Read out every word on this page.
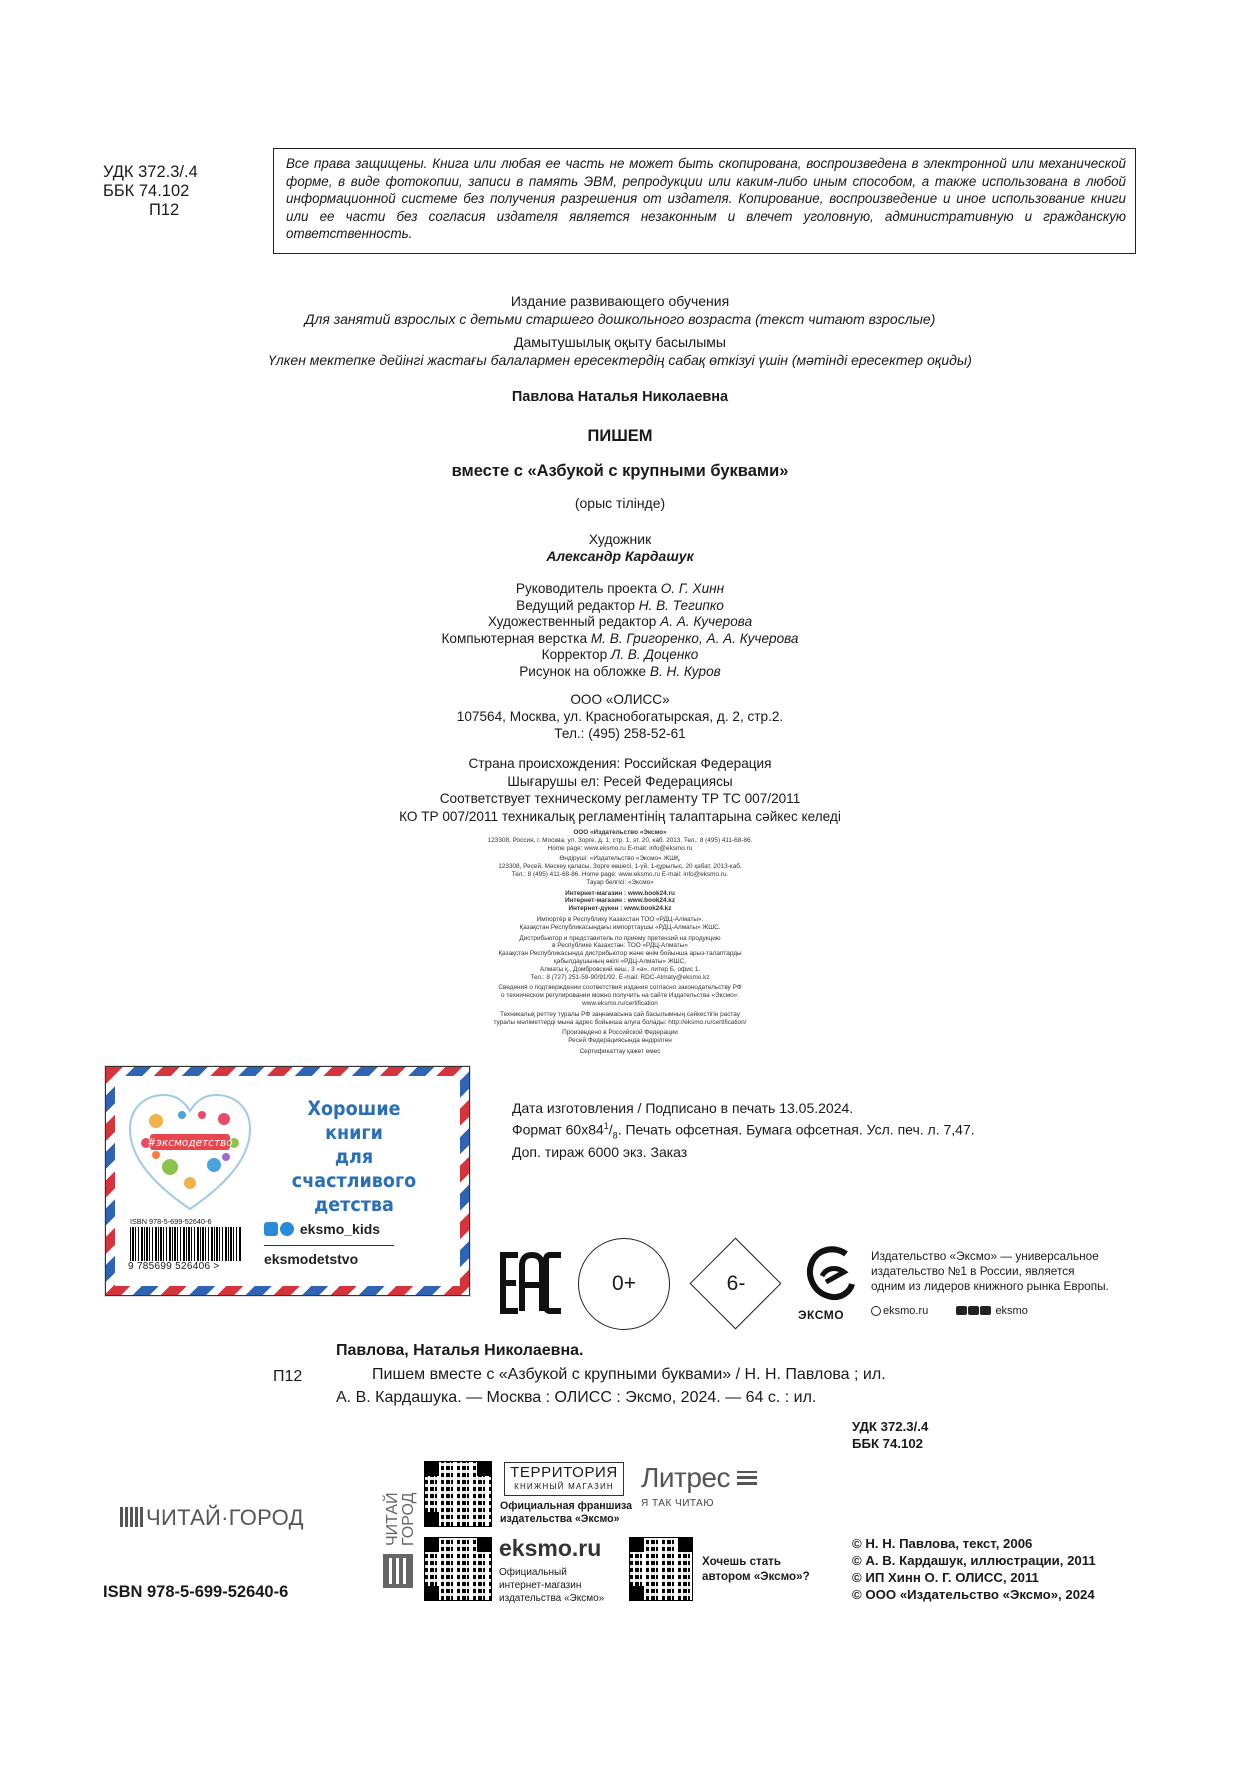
УДК 372.3/.4
ББК 74.102
П12
Все права защищены. Книга или любая ее часть не может быть скопирована, воспроизведена в электронной или механической форме, в виде фотокопии, записи в память ЭВМ, репродукции или каким-либо иным способом, а также использована в любой информационной системе без получения разрешения от издателя. Копирование, воспроизведение и иное использование книги или ее части без согласия издателя является незаконным и влечет уголовную, административную и гражданскую ответственность.
Издание развивающего обучения
Для занятий взрослых с детьми старшего дошкольного возраста (текст читают взрослые)
Дамытушылық оқыту басылымы
Үлкен мектепке дейінгі жастағы балалармен ересектердің сабақ өткізуі үшін (мәтінді ересектер оқиды)
Павлова Наталья Николаевна
ПИШЕМ
вместе с «Азбукой с крупными буквами»
(орыс тілінде)
Художник
Александр Кардашук
Руководитель проекта О. Г. Хинн
Ведущий редактор Н. В. Тегипко
Художественный редактор А. А. Кучерова
Компьютерная верстка М. В. Григоренко, А. А. Кучерова
Корректор Л. В. Доценко
Рисунок на обложке В. Н. Куров
ООО «ОЛИСС»
107564, Москва, ул. Краснобогатырская, д. 2, стр.2.
Тел.: (495) 258-52-61
Страна происхождения: Российская Федерация
Шығарушы ел: Ресей Федерациясы
Соответствует техническому регламенту ТР ТС 007/2011
КО ТР 007/2011 техникалық регламентінің талаптарына сәйкес келеді
ООО «Издательство «Эксмо»
123308, Россия, г. Москва, ул. Зорге, д. 1, стр. 1, эт. 20, каб. 2013. Тел.: 8 (495) 411-68-86.
Home page: www.eksmo.ru E-mail: info@eksmo.ru
Өндіруші: «Издательство «Эксмо» ЖШҚ,
123308, Ресей, Мәскеу қаласы, Зорге көшесі, 1-үй, 1-құрылыс, 20 қабат, 2013-каб.
Тел.: 8 (495) 411-68-86. Home page: www.eksmo.ru E-mail: info@eksmo.ru.
Тауар белгісі: «Эксмо»
Интернет-магазин : www.book24.ru
Интернет-магазин : www.book24.kz
Интернет-дүкен : www.book24.kz
Импортёр в Республику Казахстан ТОО «РДЦ-Алматы».
Қазақстан Республикасындағы импорттаушы «РДЦ-Алматы» ЖШС.
Дистрибьютор и представитель по приему претензий на продукцию
в Республике Казахстан: ТОО «РДЦ-Алматы»
Қазақстан Республикасында дистрибьютор және өнім бойынша арыз-талаптарды
қабылдаушының өкілі «РДЦ-Алматы» ЖШС,
Алматы қ., Домбровский көш., 3 «а», литер Б, офис 1.
Тел.: 8 (727) 251-59-90/91/92. E-mail: RDC-Almaty@eksmo.kz
Сведения о подтверждении соответствия издания согласно законодательству РФ
о техническом регулировании можно получить на сайте Издательства «Эксмо»:
www.eksmo.ru/certification
Техникалық реттеу туралы РФ заңнамасына сай басылымның сәйкестігін растау
туралы мәліметтерді мына адрес бойынша алуға болады: http://eksmo.ru/certification/
Произведено в Российской Федерации
Ресей Федерациясында өндірілген
Сертификаттау қажет емес
#эксмодетство
Хорошие
книги
для счастливого
детства
ISBN 978-5-699-52640-6
9 785699 526406 >
eksmo_kids
eksmodetstvo
Дата изготовления / Подписано в печать 13.05.2024.
Формат $60х84^1/_8$. Печать офсетная. Бумага офсетная. Усл. печ. л. 7,47.
Доп. тираж 6000 экз. Заказ
EAC
0+	6-
ЭКСМО
Издательство «Эксмо» — универсальное
издательство №1 в России, является
одним из лидеров книжного рынка Европы.
eksmo.ru	eksmo
Павлова, Наталья Николаевна.
П12	Пишем вместе с «Азбукой с крупными буквами» / Н. Н. Павлова ; ил.
А. В. Кардашука. — Москва : ОЛИСС : Эксмо, 2024. — 64 с. : ил.
УДК 372.3/.4
ББК 74.102
ЧИТАЙ·ГОРОД	ЧИТАЙ ГОРОД
ТЕРРИТОРИЯ
КНИЖНЫЙ МАГАЗИН
Официальная франшиза
издательства «Эксмо»
Литрес
Я ТАК ЧИТАЮ
eksmo.ru
Официальный
интернет-магазин
издательства «Эксмо»
Хочешь стать
автором «Эксмо»?
© Н. Н. Павлова, текст, 2006
© А. В. Кардашук, иллюстрации, 2011
© ИП Хинн О. Г. ОЛИСС, 2011
© ООО «Издательство «Эксмо», 2024
ISBN 978-5-699-52640-6
